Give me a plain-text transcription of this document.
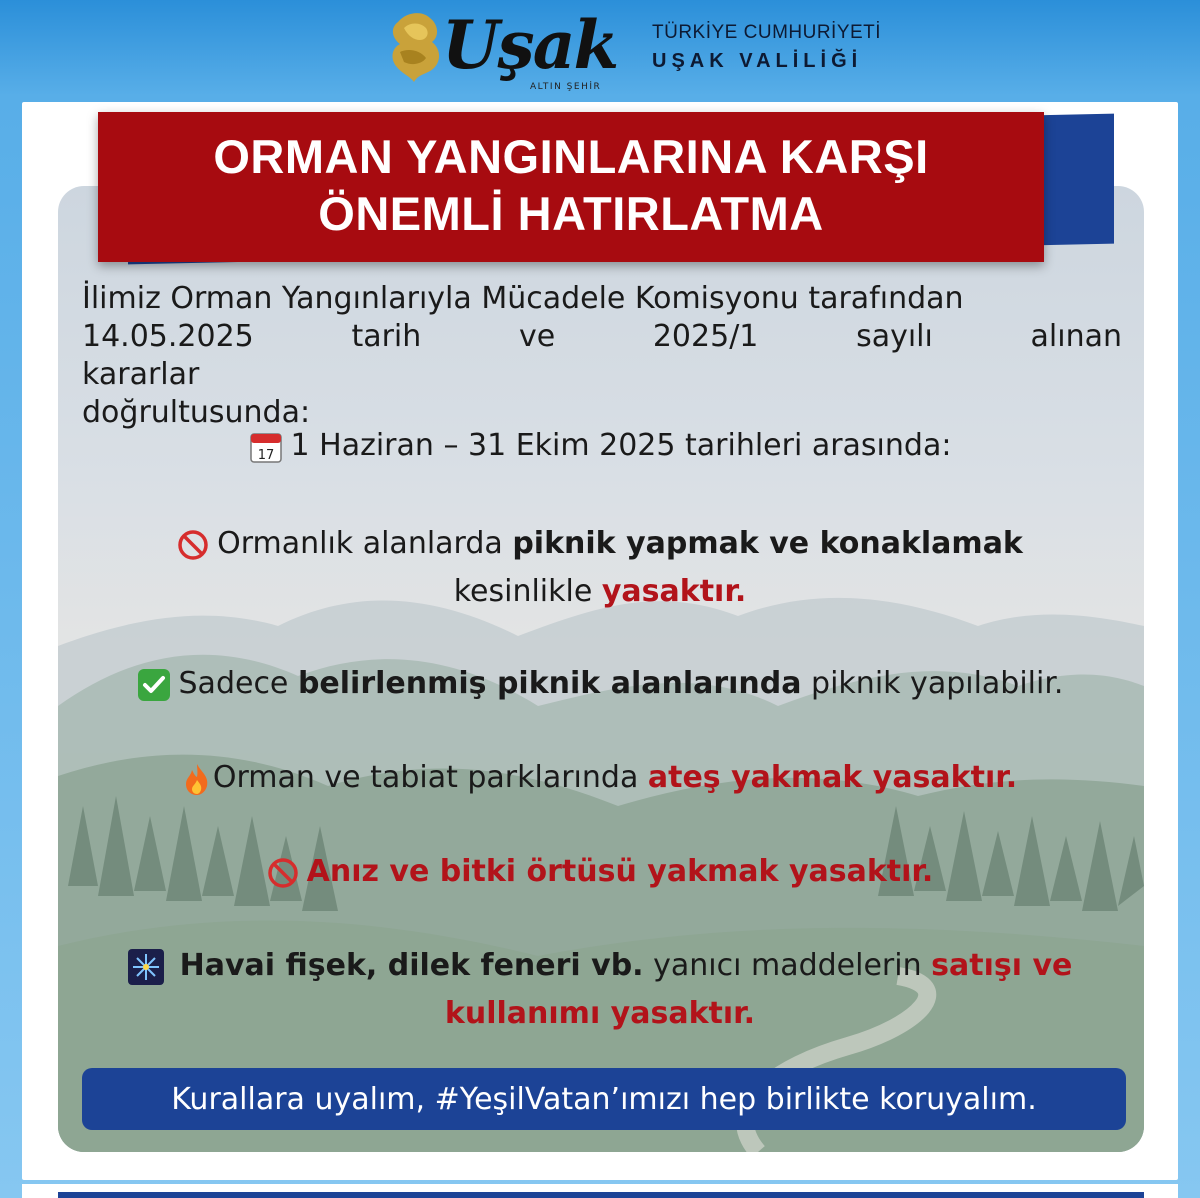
Uşak
ALTIN ŞEHİR
TÜRKİYE CUMHURİYETİ
UŞAK VALİLİĞİ
ORMAN YANGINLARINA KARŞI
ÖNEMLİ HATIRLATMA
İlimiz Orman Yangınlarıyla Mücadele Komisyonu tarafından
14.05.2025 tarih ve 2025/1 sayılı alınan kararlar
doğrultusunda:
17 1 Haziran – 31 Ekim 2025 tarihleri arasında:
Ormanlık alanlarda piknik yapmak ve konaklamak
kesinlikle yasaktır.
Sadece belirlenmiş piknik alanlarında piknik yapılabilir.
Orman ve tabiat parklarında ateş yakmak yasaktır.
Anız ve bitki örtüsü yakmak yasaktır.
Havai fişek, dilek feneri vb. yanıcı maddelerin satışı ve
kullanımı yasaktır.
Kurallara uyalım, #YeşilVatan’ımızı hep birlikte koruyalım.
